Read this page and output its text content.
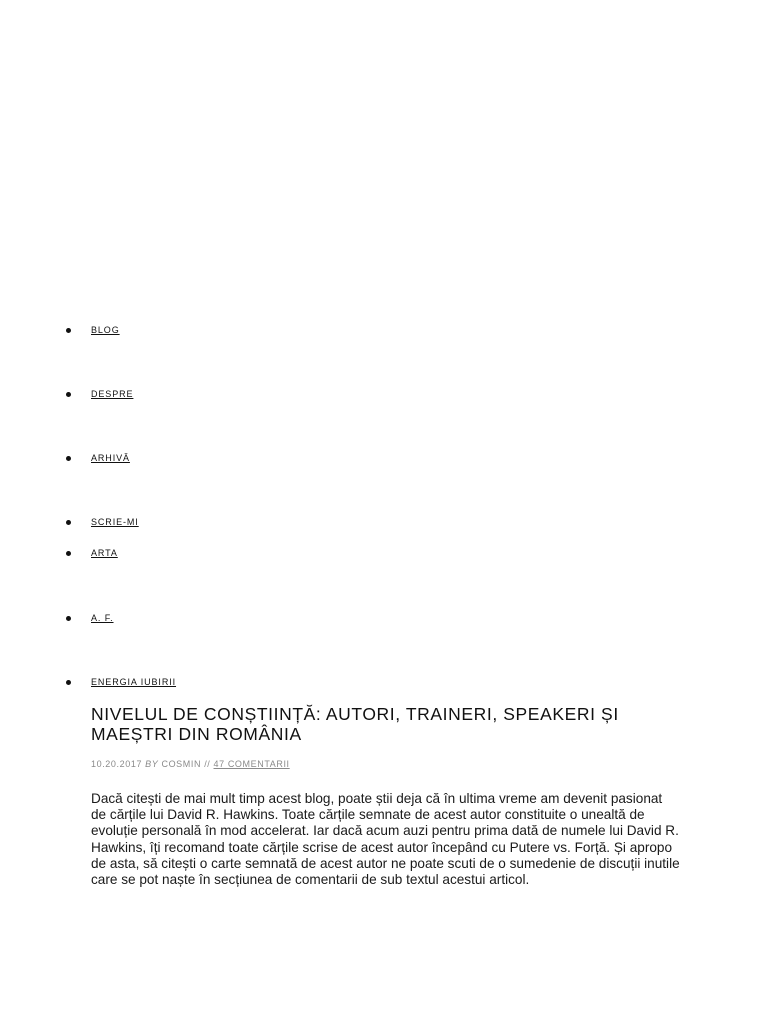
BLOG
DESPRE
ARHIVĂ
SCRIE-MI
ARTA
A. F.
ENERGIA IUBIRII
NIVELUL DE CONȘTIINȚĂ: AUTORI, TRAINERI, SPEAKERI ȘI MAEȘTRI DIN ROMÂNIA
10.20.2017 BY COSMIN // 47 COMENTARII

Dacă citești de mai mult timp acest blog, poate știi deja că în ultima vreme am devenit pasionat de cărțile lui David R. Hawkins. Toate cărțile semnate de acest autor constituite o unealtă de evoluție personală în mod accelerat. Iar dacă acum auzi pentru prima dată de numele lui David R. Hawkins, îți recomand toate cărțile scrise de acest autor începând cu Putere vs. Forță. Și apropo de asta, să citești o carte semnată de acest autor ne poate scuti de o sumedenie de discuții inutile care se pot naște în secțiunea de comentarii de sub textul acestui articol.
